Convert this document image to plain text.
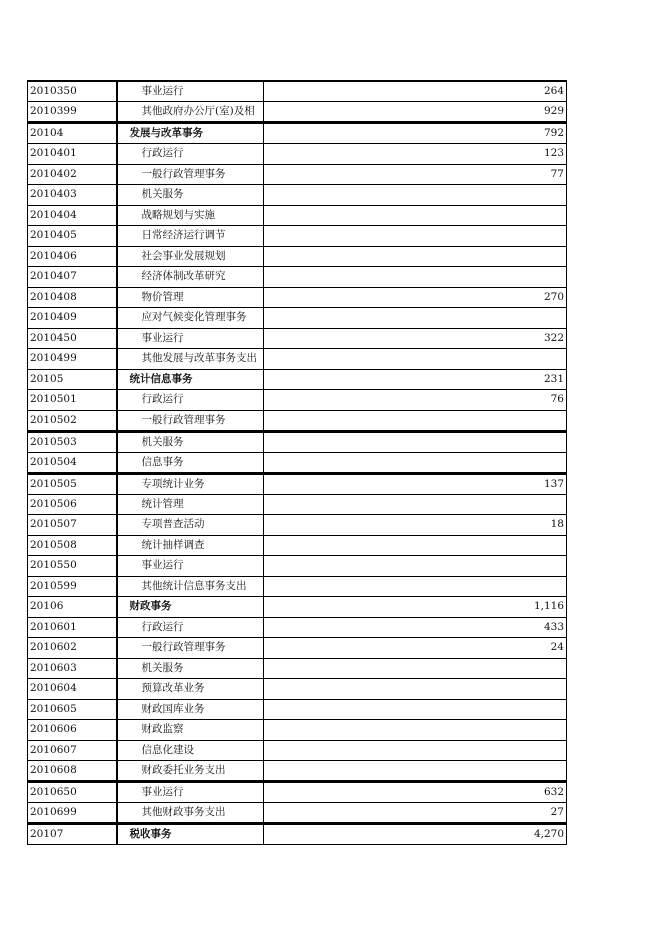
2010350	事业运行	264
2010399	其他政府办公厅(室)及相	929
20104	发展与改革事务	792
2010401	行政运行	123
2010402	一般行政管理事务	77
2010403	机关服务	
2010404	战略规划与实施	
2010405	日常经济运行调节	
2010406	社会事业发展规划	
2010407	经济体制改革研究	
2010408	物价管理	270
2010409	应对气候变化管理事务	
2010450	事业运行	322
2010499	其他发展与改革事务支出	
20105	统计信息事务	231
2010501	行政运行	76
2010502	一般行政管理事务	
2010503	机关服务	
2010504	信息事务	
2010505	专项统计业务	137
2010506	统计管理	
2010507	专项普查活动	18
2010508	统计抽样调查	
2010550	事业运行	
2010599	其他统计信息事务支出	
20106	财政事务	1,116
2010601	行政运行	433
2010602	一般行政管理事务	24
2010603	机关服务	
2010604	预算改革业务	
2010605	财政国库业务	
2010606	财政监察	
2010607	信息化建设	
2010608	财政委托业务支出	
2010650	事业运行	632
2010699	其他财政事务支出	27
20107	税收事务	4,270
